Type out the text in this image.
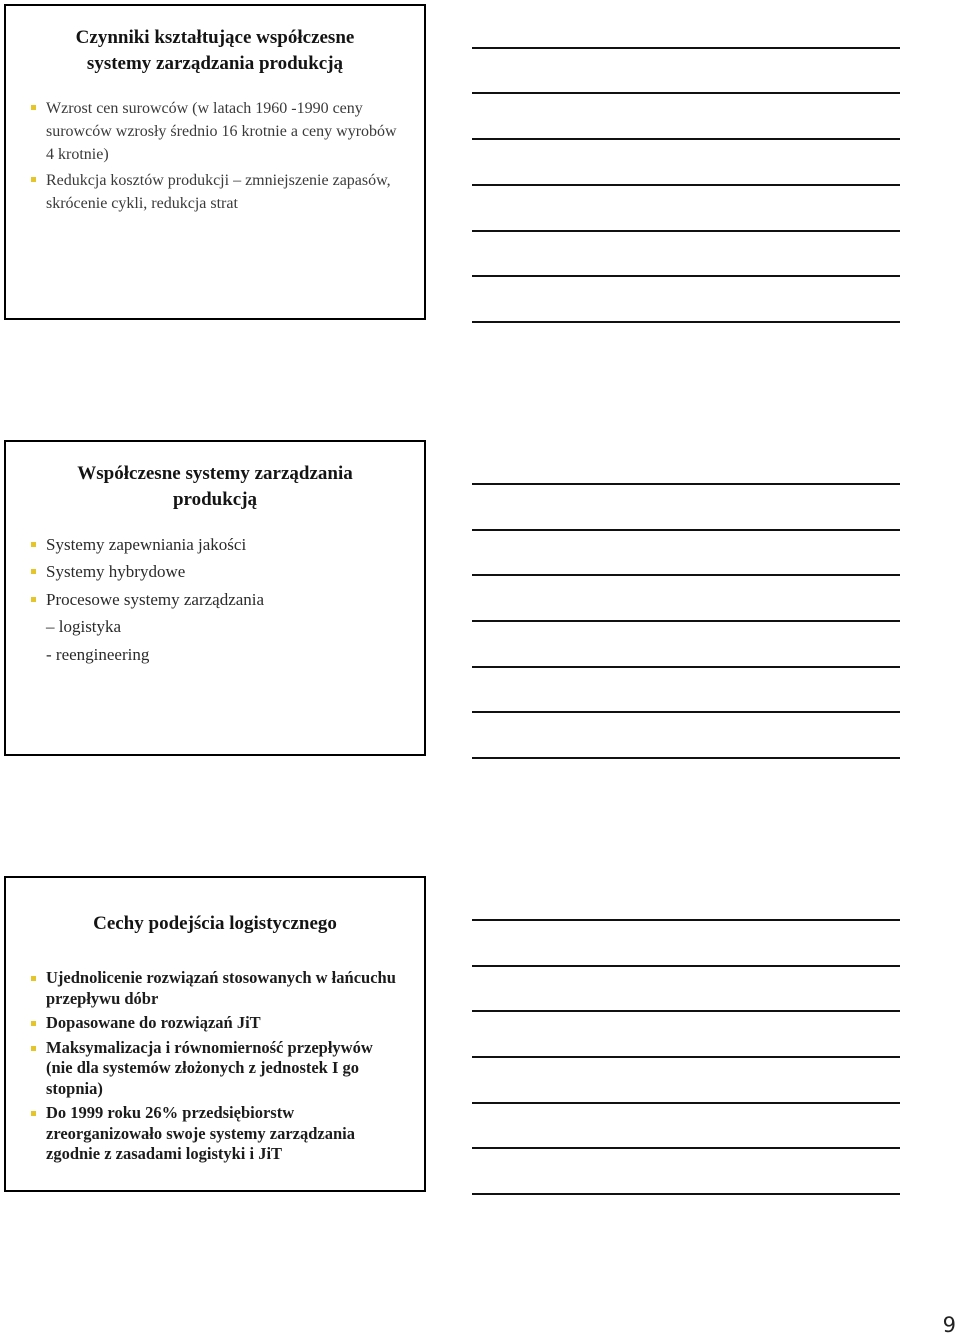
Czynniki kształtujące współczesne
systemy zarządzania produkcją
Wzrost cen surowców (w latach 1960 -1990 ceny surowców wzrosły średnio 16 krotnie a ceny wyrobów 4 krotnie)
Redukcja kosztów produkcji – zmniejszenie zapasów, skrócenie cykli, redukcja strat
Współczesne systemy zarządzania
produkcją
Systemy zapewniania jakości
Systemy hybrydowe
Procesowe systemy zarządzania
– logistyka
- reengineering
Cechy podejścia logistycznego
Ujednolicenie rozwiązań stosowanych w łańcuchu przepływu dóbr
Dopasowane do rozwiązań JiT
Maksymalizacja i równomierność przepływów (nie dla systemów złożonych z jednostek I go stopnia)
Do 1999 roku 26% przedsiębiorstw zreorganizowało swoje systemy zarządzania zgodnie z zasadami logistyki i JiT
9
